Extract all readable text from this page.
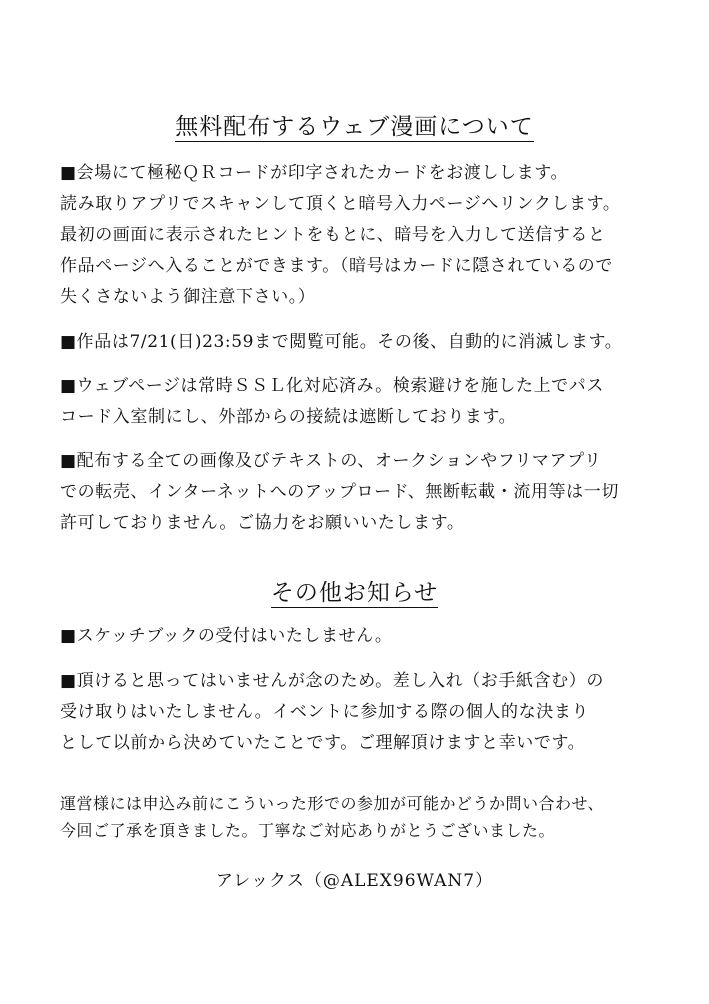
無料配布するウェブ漫画について
■会場にて極秘ＱＲコードが印字されたカードをお渡しします。
読み取りアプリでスキャンして頂くと暗号入力ページへリンクします。
最初の画面に表示されたヒントをもとに、暗号を入力して送信すると
作品ページへ入ることができます。（暗号はカードに隠されているので
失くさないよう御注意下さい。）
■作品は7/21(日)23:59まで閲覧可能。その後、自動的に消滅します。
■ウェブページは常時ＳＳＬ化対応済み。検索避けを施した上でパス
コード入室制にし、外部からの接続は遮断しております。
■配布する全ての画像及びテキストの、オークションやフリマアプリ
での転売、インターネットへのアップロード、無断転載・流用等は一切
許可しておりません。ご協力をお願いいたします。
その他お知らせ
■スケッチブックの受付はいたしません。
■頂けると思ってはいませんが念のため。差し入れ（お手紙含む）の
受け取りはいたしません。イベントに参加する際の個人的な決まり
として以前から決めていたことです。ご理解頂けますと幸いです。
運営様には申込み前にこういった形での参加が可能かどうか問い合わせ、
今回ご了承を頂きました。丁寧なご対応ありがとうございました。
アレックス（@ALEX96WAN7）
